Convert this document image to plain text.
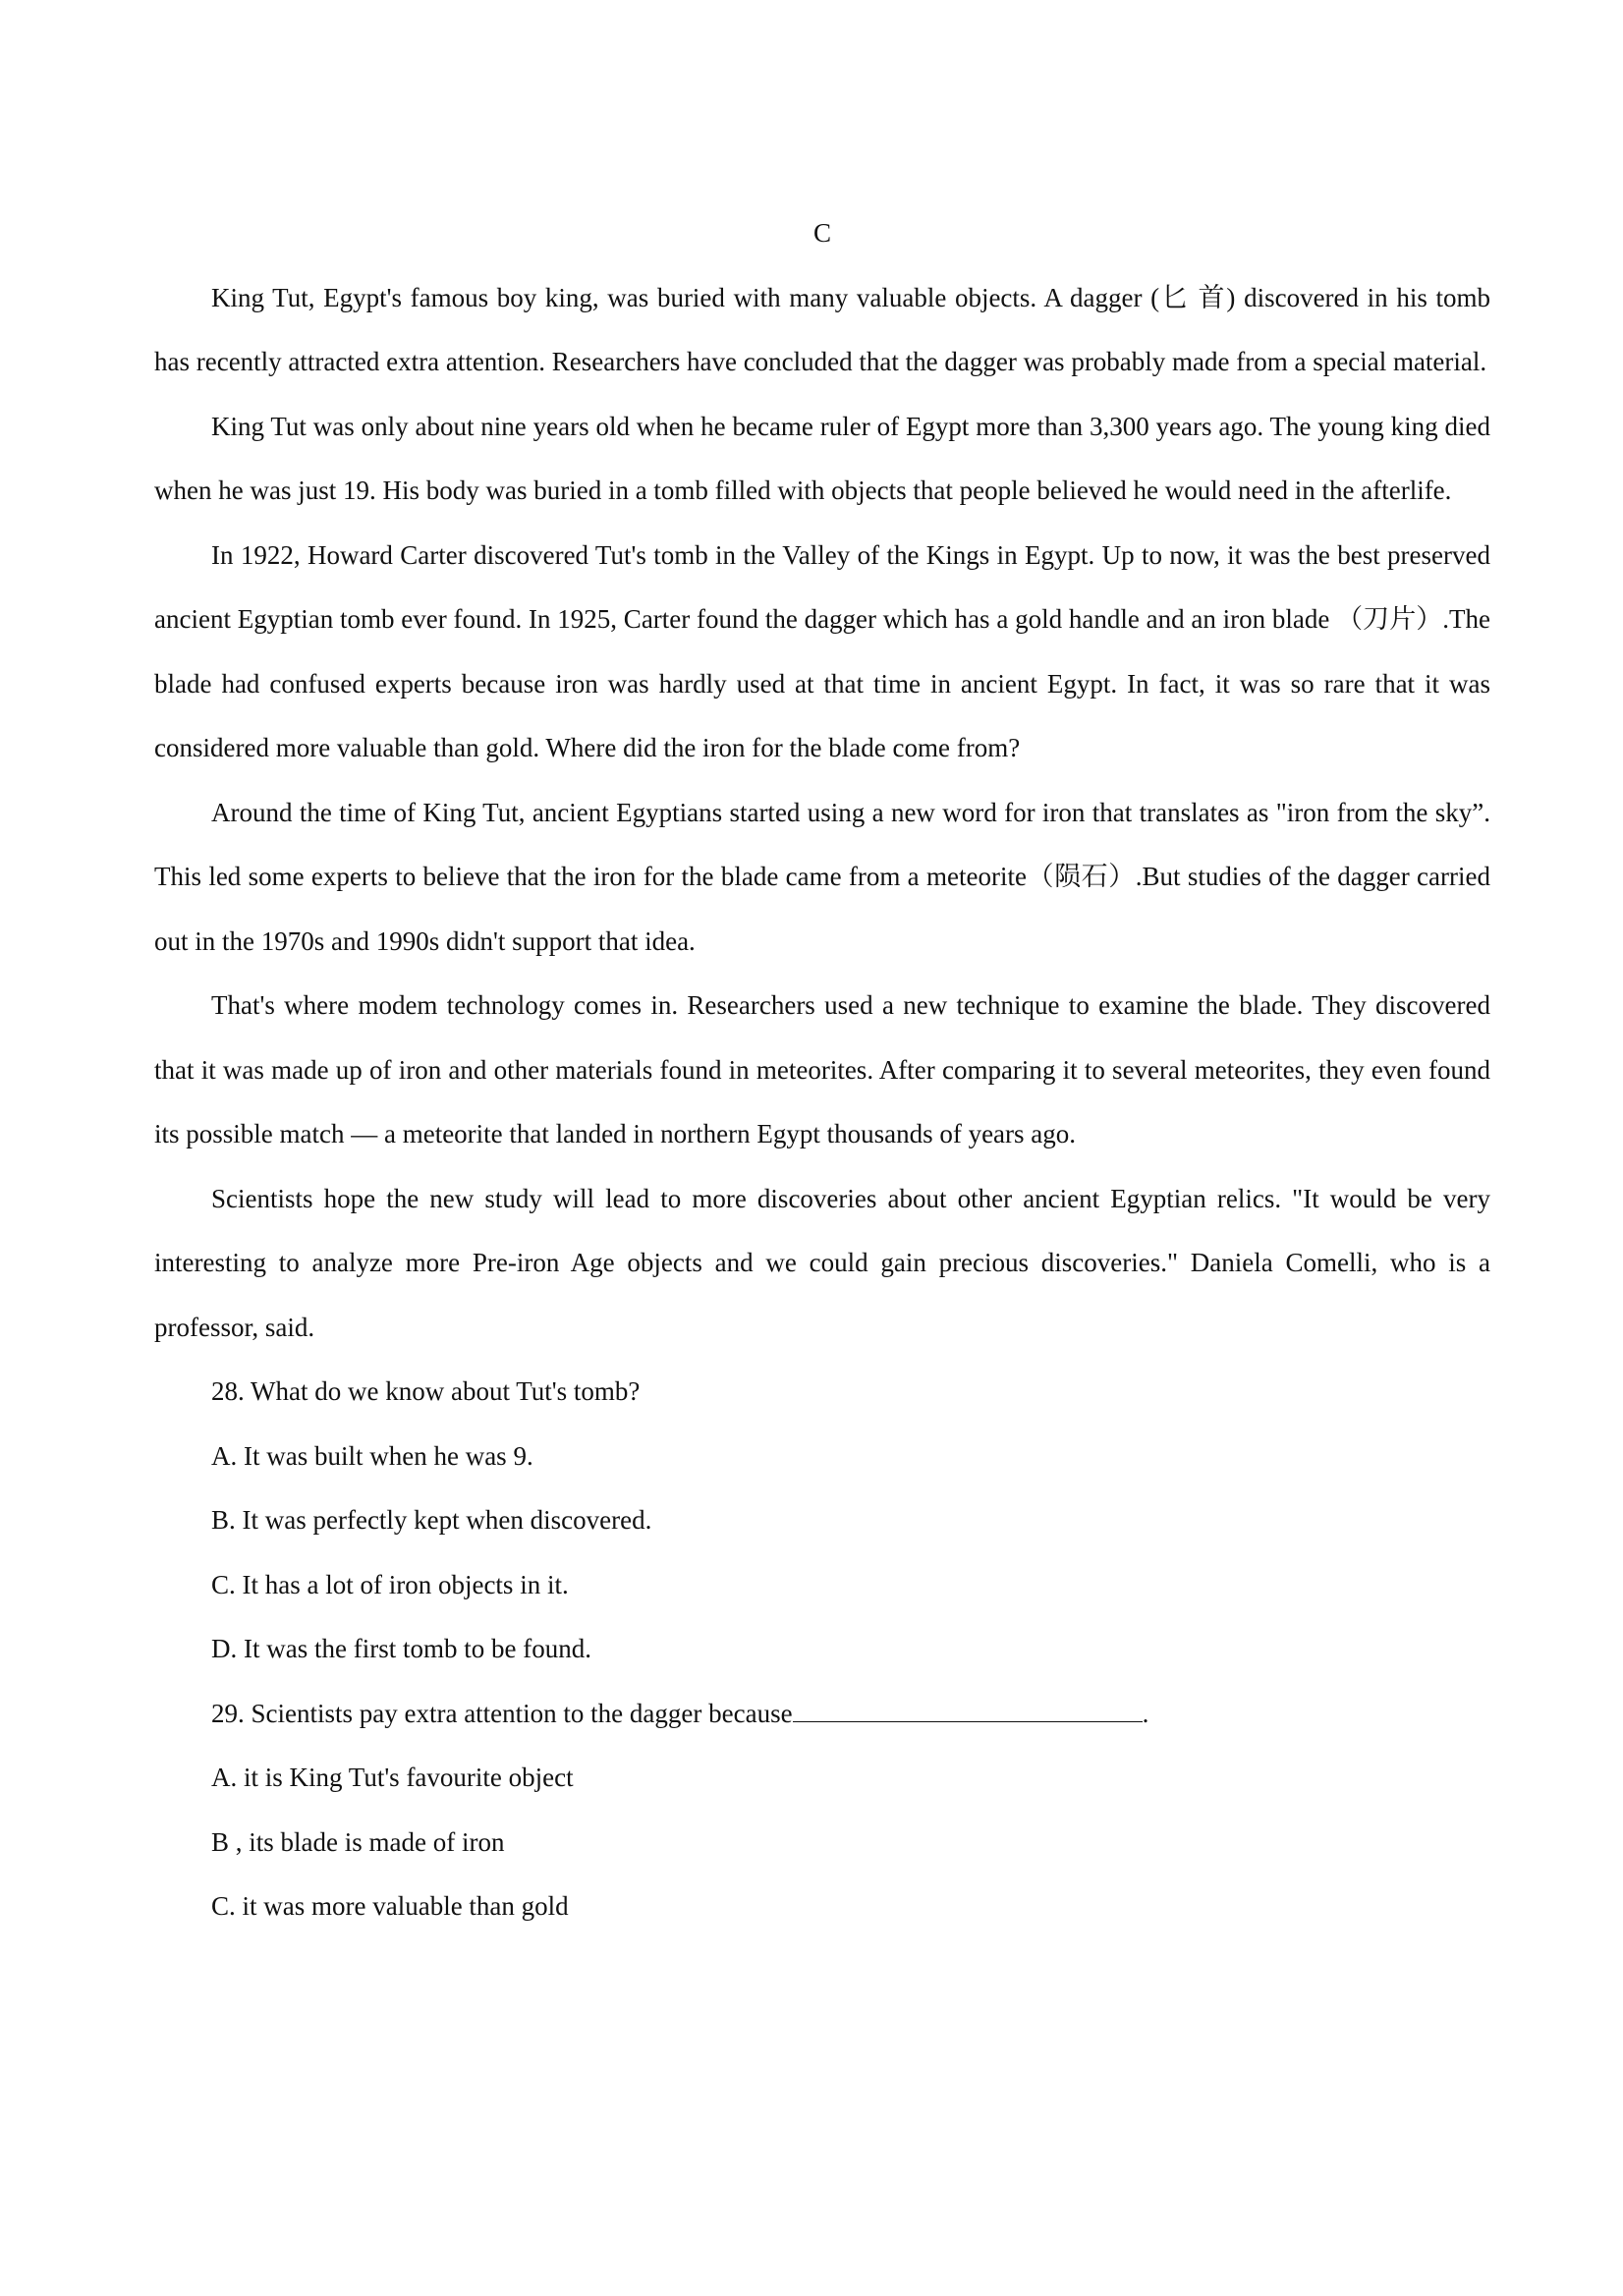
C

King Tut, Egypt's famous boy king, was buried with many valuable objects. A dagger (匕 首) discovered in his tomb has recently attracted extra attention. Researchers have concluded that the dagger was probably made from a special material.

King Tut was only about nine years old when he became ruler of Egypt more than 3,300 years ago. The young king died when he was just 19. His body was buried in a tomb filled with objects that people believed he would need in the afterlife.

In 1922, Howard Carter discovered Tut's tomb in the Valley of the Kings in Egypt. Up to now, it was the best preserved ancient Egyptian tomb ever found. In 1925, Carter found the dagger which has a gold handle and an iron blade （刀片）.The blade had confused experts because iron was hardly used at that time in ancient Egypt. In fact, it was so rare that it was considered more valuable than gold. Where did the iron for the blade come from?

Around the time of King Tut, ancient Egyptians started using a new word for iron that translates as "iron from the sky”. This led some experts to believe that the iron for the blade came from a meteorite（陨石）.But studies of the dagger carried out in the 1970s and 1990s didn't support that idea.

That's where modem technology comes in. Researchers used a new technique to examine the blade. They discovered that it was made up of iron and other materials found in meteorites. After comparing it to several meteorites, they even found its possible match — a meteorite that landed in northern Egypt thousands of years ago.

Scientists hope the new study will lead to more discoveries about other ancient Egyptian relics. "It would be very interesting to analyze more Pre-iron Age objects and we could gain precious discoveries." Daniela Comelli, who is a professor, said.

28. What do we know about Tut's tomb?

A. It was built when he was 9.

B. It was perfectly kept when discovered.

C. It has a lot of iron objects in it.

D. It was the first tomb to be found.

29. Scientists pay extra attention to the dagger because	.

A. it is King Tut's favourite object

B , its blade is made of iron

C. it was more valuable than gold
